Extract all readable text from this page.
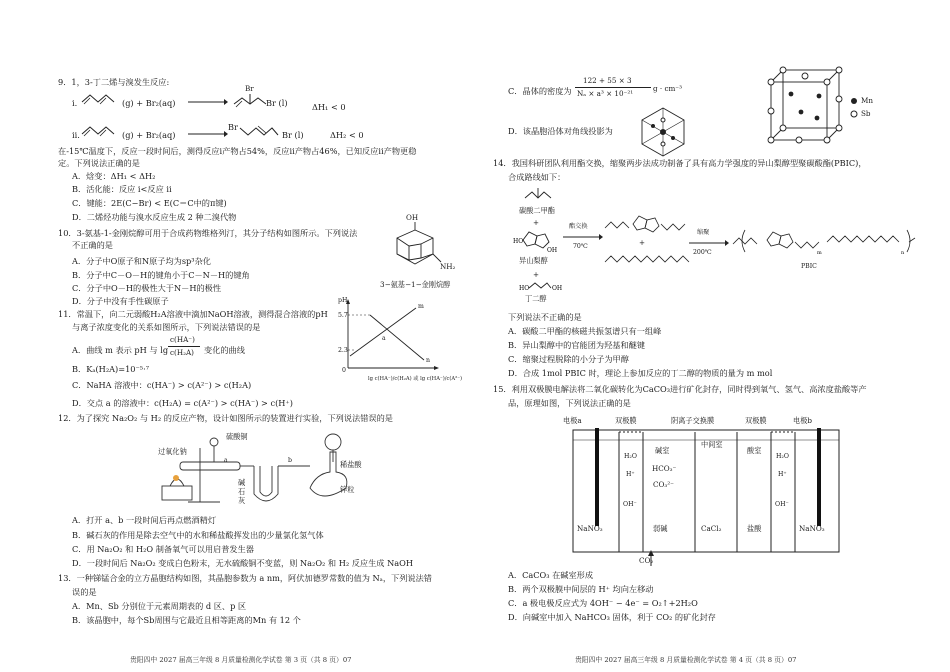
9．1，3-丁二烯与溴发生反应:
i.	(g) + Br₂(aq) →
Br
Br (l)	ΔH₁ < 0
ii.	(g) + Br₂(aq) →
Br
Br (l)	ΔH₂ < 0
在-15℃温度下，反应一段时间后，测得反应i产物占54%，反应ii产物占46%，已知反应ii产物更稳
定。下列说法正确的是
A．焓变：ΔH₁ < ΔH₂
B．活化能：反应 i<反应 ii
C．键能：2E(C−Br) < E(C＝C中的π键)
D．二烯烃功能与溴水反应生成 2 种二溴代物
10．3-氨基-1-金刚烷醇可用于合成药物维格列汀，其分子结构如图所示。下列说法
不正确的是
A．分子中O原子和N原子均为sp³杂化
B．分子中C－O－H的键角小于C－N－H的键角
C．分子中O－H的极性大于N－H的极性
D．分子中没有手性碳原子
OH
NH₂
3−氨基−1−金刚烷醇
11．常温下，向二元弱酸H₂A溶液中滴加NaOH溶液，测得混合溶液的pH
与离子浓度变化的关系如图所示，下列说法错误的是
A．曲线 m 表示 pH 与 lg
c(HA⁻)
c(H₂A) 变化的曲线
B．Kₐ(H₂A)=10⁻⁵·⁷
C．NaHA 溶液中：c(HA⁻) > c(A²⁻) > c(H₂A)
D．交点 a 的溶液中：c(H₂A) = c(A²⁻) > c(HA⁻) > c(H⁺)
pH
5.7
2.3
0
m
n
a
lg c(HA⁻)/c(H₂A) 或 lg c(HA⁻)/c(A²⁻)
12．为了探究 Na₂O₂ 与 H₂ 的反应产物，设计如图所示的装置进行实验，下列说法错误的是
过氧化钠
硫酸铜
a	b
碱石灰
稀盐酸
锌粒
A．打开 a、b 一段时间后再点燃酒精灯
B．碱石灰的作用是除去空气中的水和稀盐酸挥发出的少量氯化氢气体
C．用 Na₂O₂ 和 H₂O 制备氧气可以用启普发生器
D．一段时间后 Na₂O₂ 变成白色粉末，无水硫酸铜不变蓝，则 Na₂O₂ 和 H₂ 反应生成 NaOH
13．一种锑锰合金的立方晶胞结构如图，其晶胞参数为 a nm，阿伏加德罗常数的值为 Nₐ，下列说法错
误的是
A．Mn、Sb 分别位于元素周期表的 d 区、p 区
B．该晶胞中，每个Sb周围与它最近且相等距离的Mn 有 12 个
贵阳四中 2027 届高三年级 8 月质量检测化学试卷 第 3 页（共 8 页）07
C．晶体的密度为
122 + 55 × 3
Nₐ × a³ × 10⁻²¹
g · cm⁻³
D．该晶胞沿体对角线投影为
Mn
Sb
14．我国科研团队利用酯交换，缩聚两步法成功制备了具有高力学强度的异山梨醇型聚碳酸酯(PBIC)，
合成路线如下：
碳酸二甲酯
+
HO
OH
异山梨醇
+
HO	OH
丁二醇
酯交换
70℃	+
缩聚
200℃	m	n
PBIC
下列说法不正确的是
A．碳酸二甲酯的核磁共振氢谱只有一组峰
B．异山梨醇中的官能团为羟基和醚键
C．缩聚过程脱除的小分子为甲醇
D．合成 1mol PBIC 时，理论上参加反应的丁二醇的物质的量为 m mol
15．利用双极膜电解法将二氧化碳转化为CaCO₃进行矿化封存，同时得到氧气、氢气、高浓度盐酸等产
品，原理如图，下列说法正确的是
电极a	双极膜	阴离子交换膜	双极膜	电极b
H₂O
H⁺
OH⁻
H₂O
H⁺
OH⁻
碱室
HCO₃⁻
CO₃²⁻
中间室
酸室
NaNO₃	弱碱	CaCl₂	盐酸	NaNO₃
CO₂
A．CaCO₃ 在碱室形成
B．两个双极膜中间层的 H⁺ 均向左移动
C．a 极电极反应式为 4OH⁻ − 4e⁻ = O₂↑+2H₂O
D．向碱室中加入 NaHCO₃ 固体，利于 CO₂ 的矿化封存
贵阳四中 2027 届高三年级 8 月质量检测化学试卷 第 4 页（共 8 页）07
